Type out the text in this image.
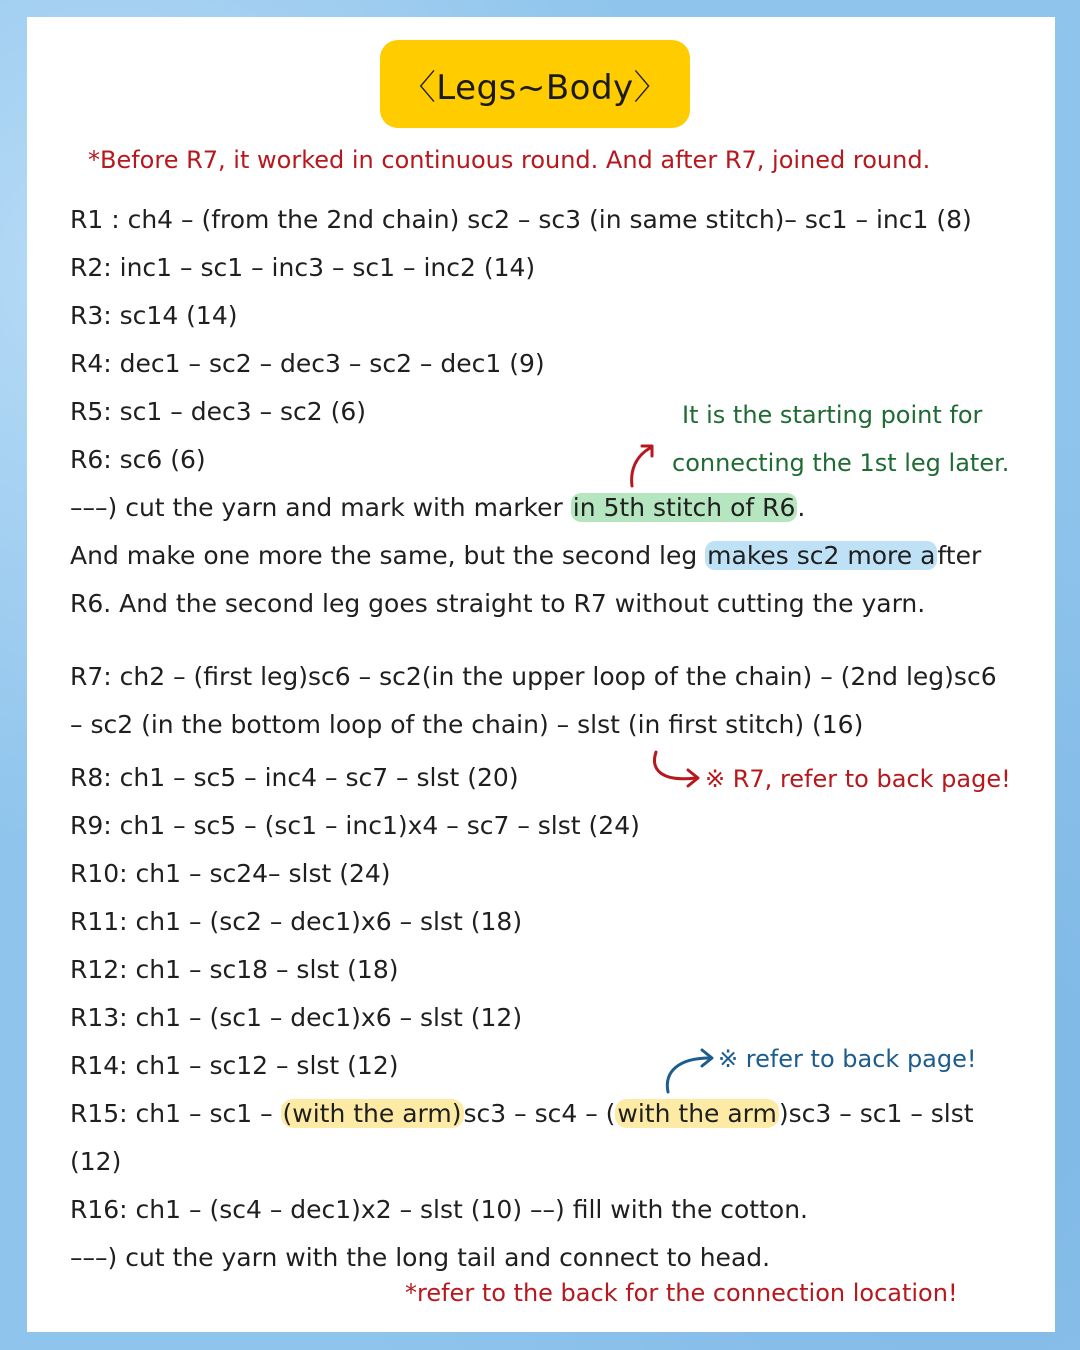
〈Legs~Body〉
*Before R7, it worked in continuous round. And after R7, joined round.
R1 : ch4 – (from the 2nd chain) sc2 – sc3 (in same stitch)– sc1 – inc1 (8)
R2: inc1 – sc1 – inc3 – sc1 – inc2 (14)
R3: sc14 (14)
R4: dec1 – sc2 – dec3 – sc2 – dec1 (9)
R5: sc1 – dec3 – sc2 (6)
R6: sc6 (6)
It is the starting point for
connecting the 1st leg later.
–––) cut the yarn and mark with marker in 5th stitch of R6.
And make one more the same, but the second leg makes sc2 more after
R6. And the second leg goes straight to R7 without cutting the yarn.
R7: ch2 – (first leg)sc6 – sc2(in the upper loop of the chain) – (2nd leg)sc6
– sc2 (in the bottom loop of the chain) – slst (in first stitch) (16)
R8: ch1 – sc5 – inc4 – sc7 – slst (20)	※ R7, refer to back page!
R9: ch1 – sc5 – (sc1 – inc1)x4 – sc7 – slst (24)
R10: ch1 – sc24– slst (24)
R11: ch1 – (sc2 – dec1)x6 – slst (18)
R12: ch1 – sc18 – slst (18)
R13: ch1 – (sc1 – dec1)x6 – slst (12)
R14: ch1 – sc12 – slst (12)	※ refer to back page!
R15: ch1 – sc1 – (with the arm)sc3 – sc4 – (with the arm)sc3 – sc1 – slst
(12)
R16: ch1 – (sc4 – dec1)x2 – slst (10) ––) fill with the cotton.
–––) cut the yarn with the long tail and connect to head.
*refer to the back for the connection location!
